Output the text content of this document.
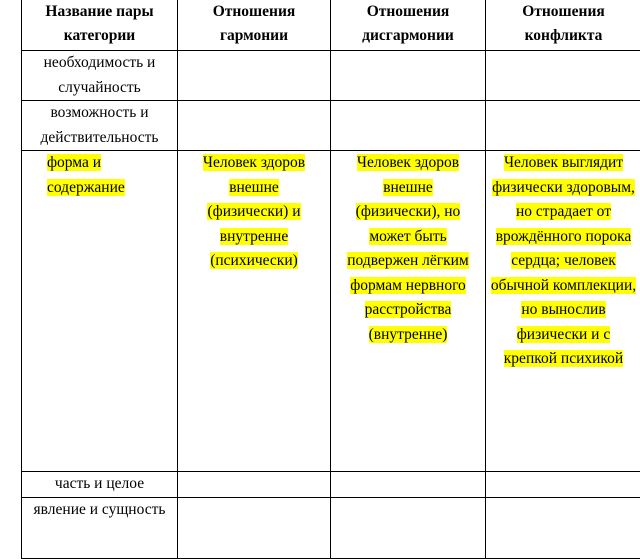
Название пары категории	Отношения гармонии	Отношения дисгармонии	Отношения конфликта

необходимость и случайность			

возможность и действительность			

форма и содержание	Человек здоров внешне (физически) и внутренне (психически)	Человек здоров внешне (физически), но может быть подвержен лёгким формам нервного расстройства (внутренне)	Человек выглядит физически здоровым, но страдает от врождённого порока сердца; человек обычной комплекции, но вынослив физически и с крепкой психикой

часть и целое			

явление и сущность			
